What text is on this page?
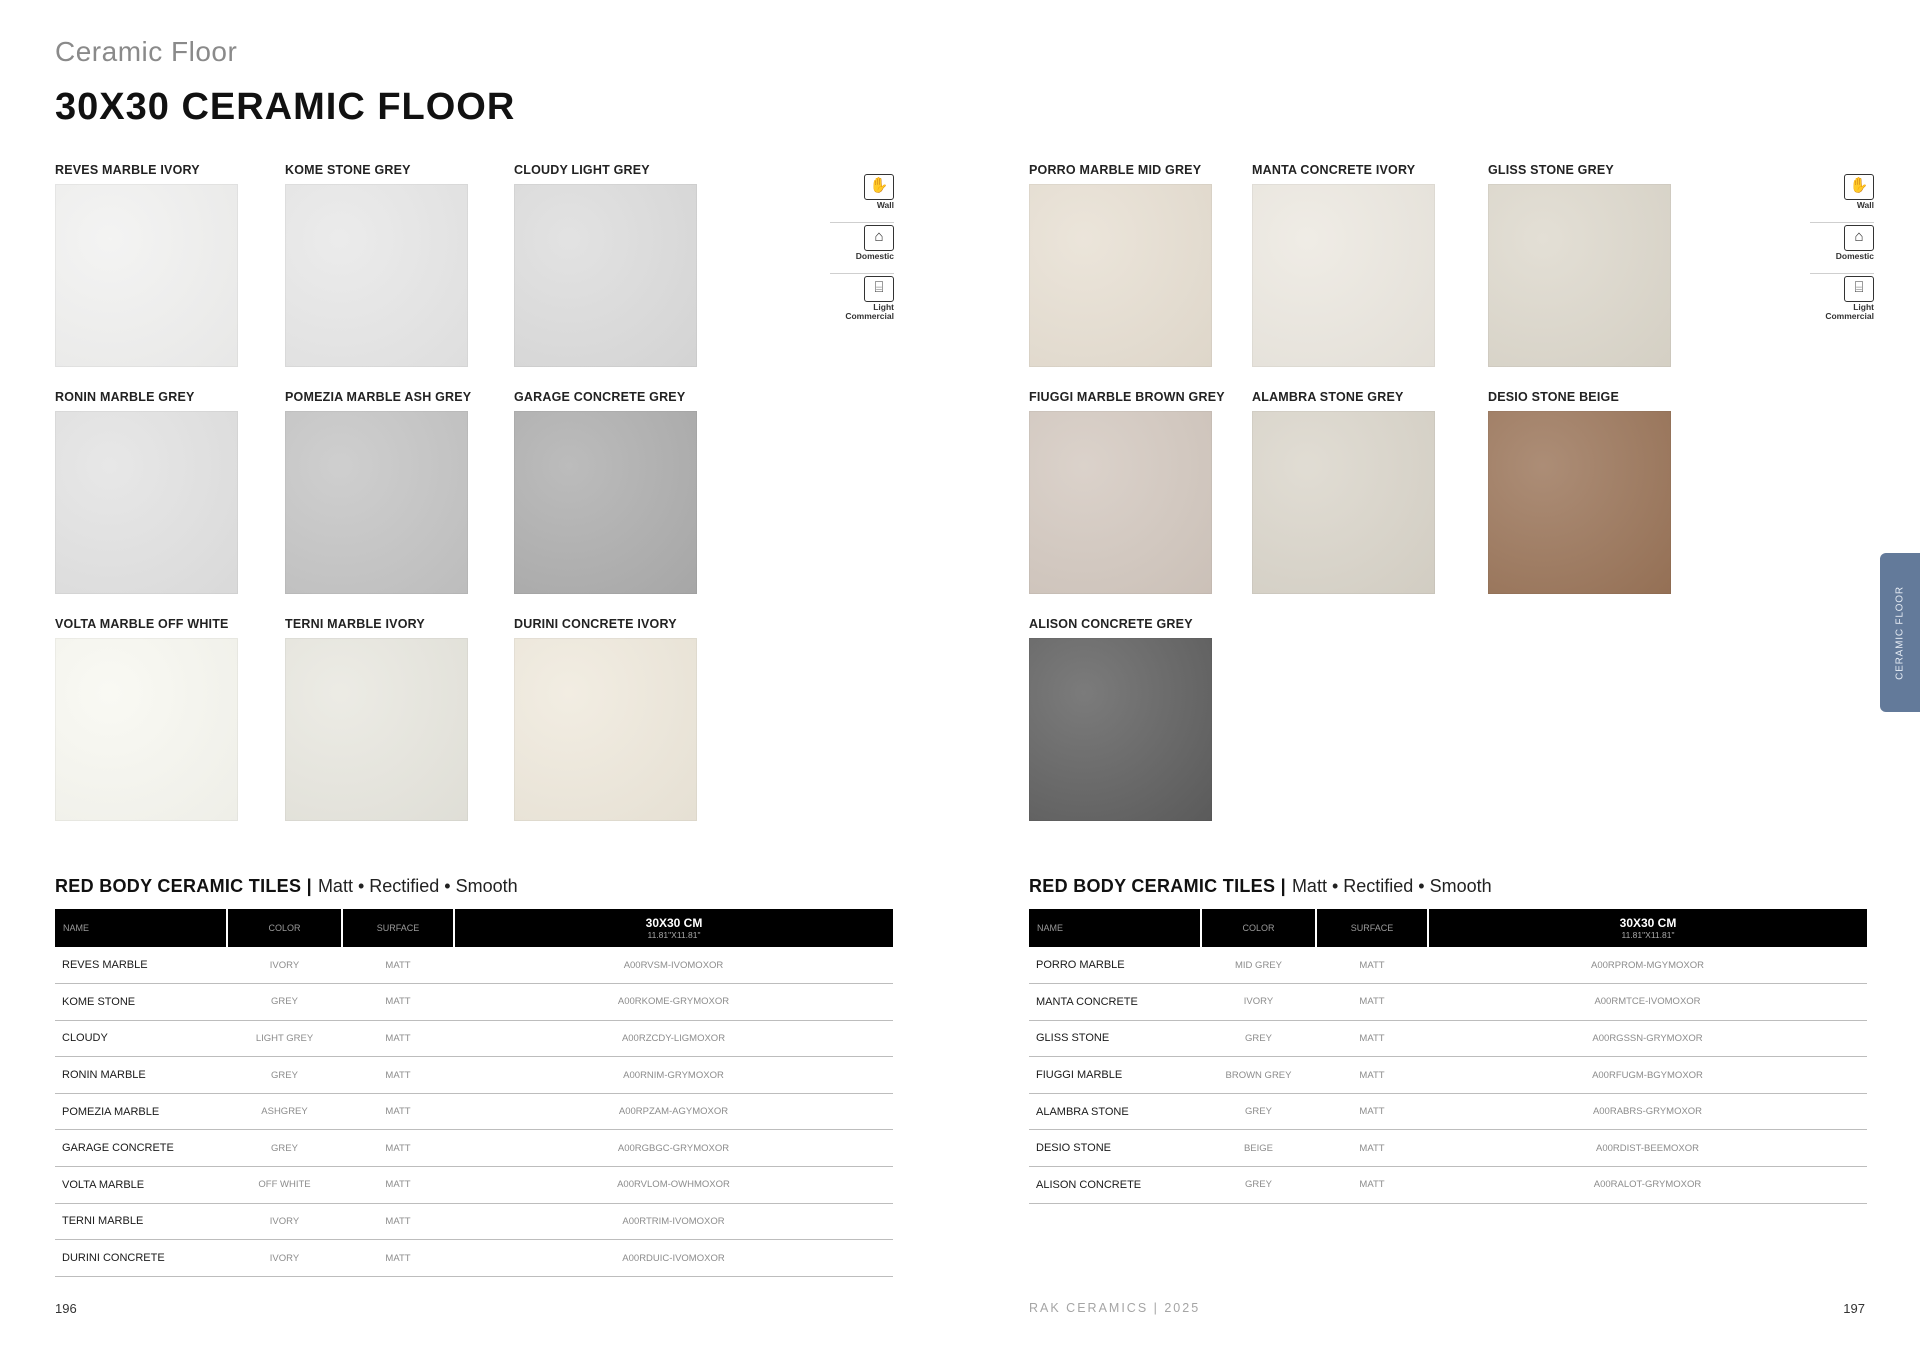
Ceramic Floor
30X30 CERAMIC FLOOR
REVES MARBLE IVORY	KOME STONE GREY	CLOUDY LIGHT GREY
RONIN MARBLE GREY	POMEZIA MARBLE ASH GREY	GARAGE CONCRETE GREY
VOLTA MARBLE OFF WHITE	TERNI MARBLE IVORY	DURINI CONCRETE IVORY
✋
Wall
⌂
Domestic
⌸
Light Commercial
RED BODY CERAMIC TILES | Matt • Rectified • Smooth
NAME	COLOR	SURFACE	30X30 CM
11.81"X11.81"

REVES MARBLE	IVORY	MATT	A00RVSM-IVOMOXOR
KOME STONE	GREY	MATT	A00RKOME-GRYMOXOR
CLOUDY	LIGHT GREY	MATT	A00RZCDY-LIGMOXOR
RONIN MARBLE	GREY	MATT	A00RNIM-GRYMOXOR
POMEZIA MARBLE	ASHGREY	MATT	A00RPZAM-AGYMOXOR
GARAGE CONCRETE	GREY	MATT	A00RGBGC-GRYMOXOR
VOLTA MARBLE	OFF WHITE	MATT	A00RVLOM-OWHMOXOR
TERNI MARBLE	IVORY	MATT	A00RTRIM-IVOMOXOR
DURINI CONCRETE	IVORY	MATT	A00RDUIC-IVOMOXOR
196
PORRO MARBLE MID GREY	MANTA CONCRETE IVORY	GLISS STONE GREY
FIUGGI MARBLE BROWN GREY ALAMBRA STONE GREY	DESIO STONE BEIGE
ALISON CONCRETE GREY
✋
Wall
⌂
Domestic
⌸
Light Commercial
RED BODY CERAMIC TILES | Matt • Rectified • Smooth
NAME	COLOR	SURFACE	30X30 CM
11.81"X11.81"

PORRO MARBLE	MID GREY	MATT	A00RPROM-MGYMOXOR
MANTA CONCRETE	IVORY	MATT	A00RMTCE-IVOMOXOR
GLISS STONE	GREY	MATT	A00RGSSN-GRYMOXOR
FIUGGI MARBLE	BROWN GREY	MATT	A00RFUGM-BGYMOXOR
ALAMBRA STONE	GREY	MATT	A00RABRS-GRYMOXOR
DESIO STONE	BEIGE	MATT	A00RDIST-BEEMOXOR
ALISON CONCRETE	GREY	MATT	A00RALOT-GRYMOXOR
RAK CERAMICS | 2025	197
CERAMIC FLOOR
